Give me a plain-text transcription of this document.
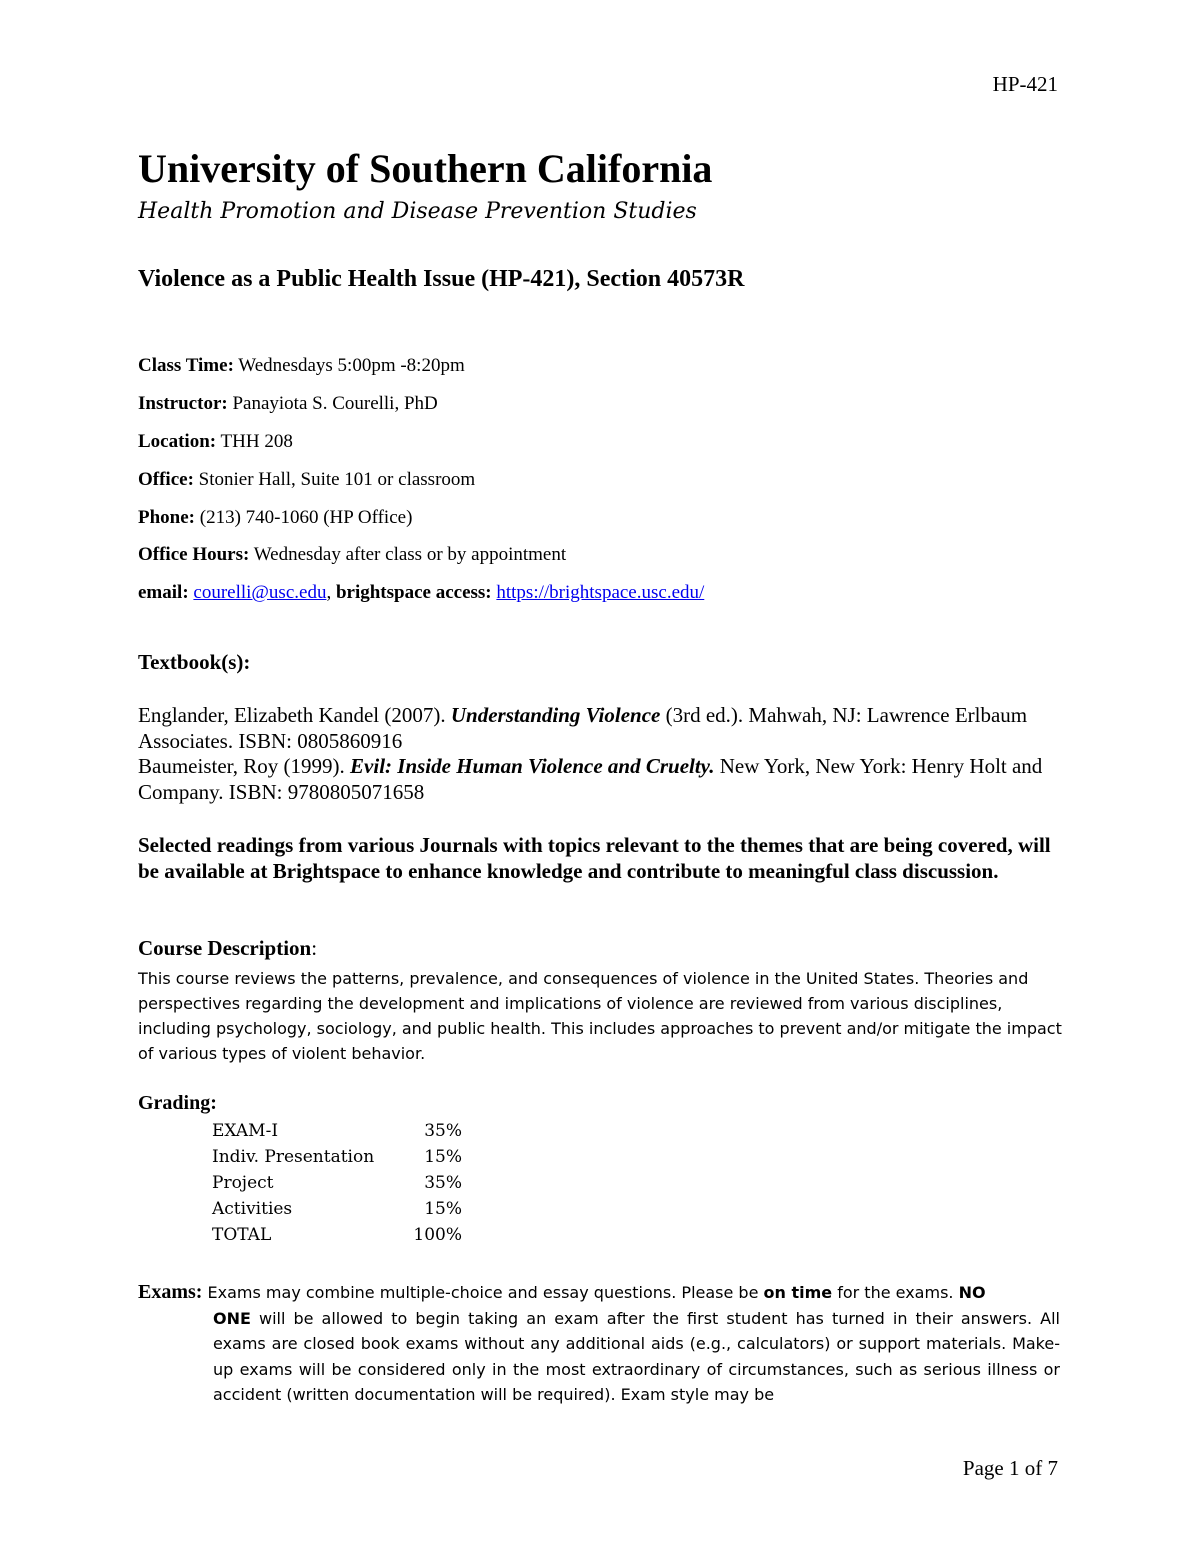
HP-421
University of Southern California
Health Promotion and Disease Prevention Studies
Violence as a Public Health Issue (HP-421), Section 40573R
Class Time: Wednesdays 5:00pm -8:20pm
Instructor: Panayiota S. Courelli, PhD
Location: THH 208
Office: Stonier Hall, Suite 101 or classroom
Phone: (213) 740-1060 (HP Office)
Office Hours: Wednesday after class or by appointment
email: courelli@usc.edu, brightspace access: https://brightspace.usc.edu/
Textbook(s):

Englander, Elizabeth Kandel (2007). Understanding Violence (3rd ed.). Mahwah, NJ: Lawrence Erlbaum Associates. ISBN: 0805860916

Baumeister, Roy (1999). Evil: Inside Human Violence and Cruelty. New York, New York: Henry Holt and Company. ISBN: 9780805071658

Selected readings from various Journals with topics relevant to the themes that are being covered, will be available at Brightspace to enhance knowledge and contribute to meaningful class discussion.
Course Description:
This course reviews the patterns, prevalence, and consequences of violence in the United States. Theories and perspectives regarding the development and implications of violence are reviewed from various disciplines, including psychology, sociology, and public health. This includes approaches to prevent and/or mitigate the impact of various types of violent behavior.
Grading:
EXAM-I	35%
Indiv. Presentation	15%
Project	35%
Activities	15%
TOTAL	100%

Exams: Exams may combine multiple-choice and essay questions. Please be on time for the exams. NO

ONE will be allowed to begin taking an exam after the first student has turned in their answers. All exams are closed book exams without any additional aids (e.g., calculators) or support materials. Make-up exams will be considered only in the most extraordinary of circumstances, such as serious illness or accident (written documentation will be required). Exam style may be

Page 1 of 7
